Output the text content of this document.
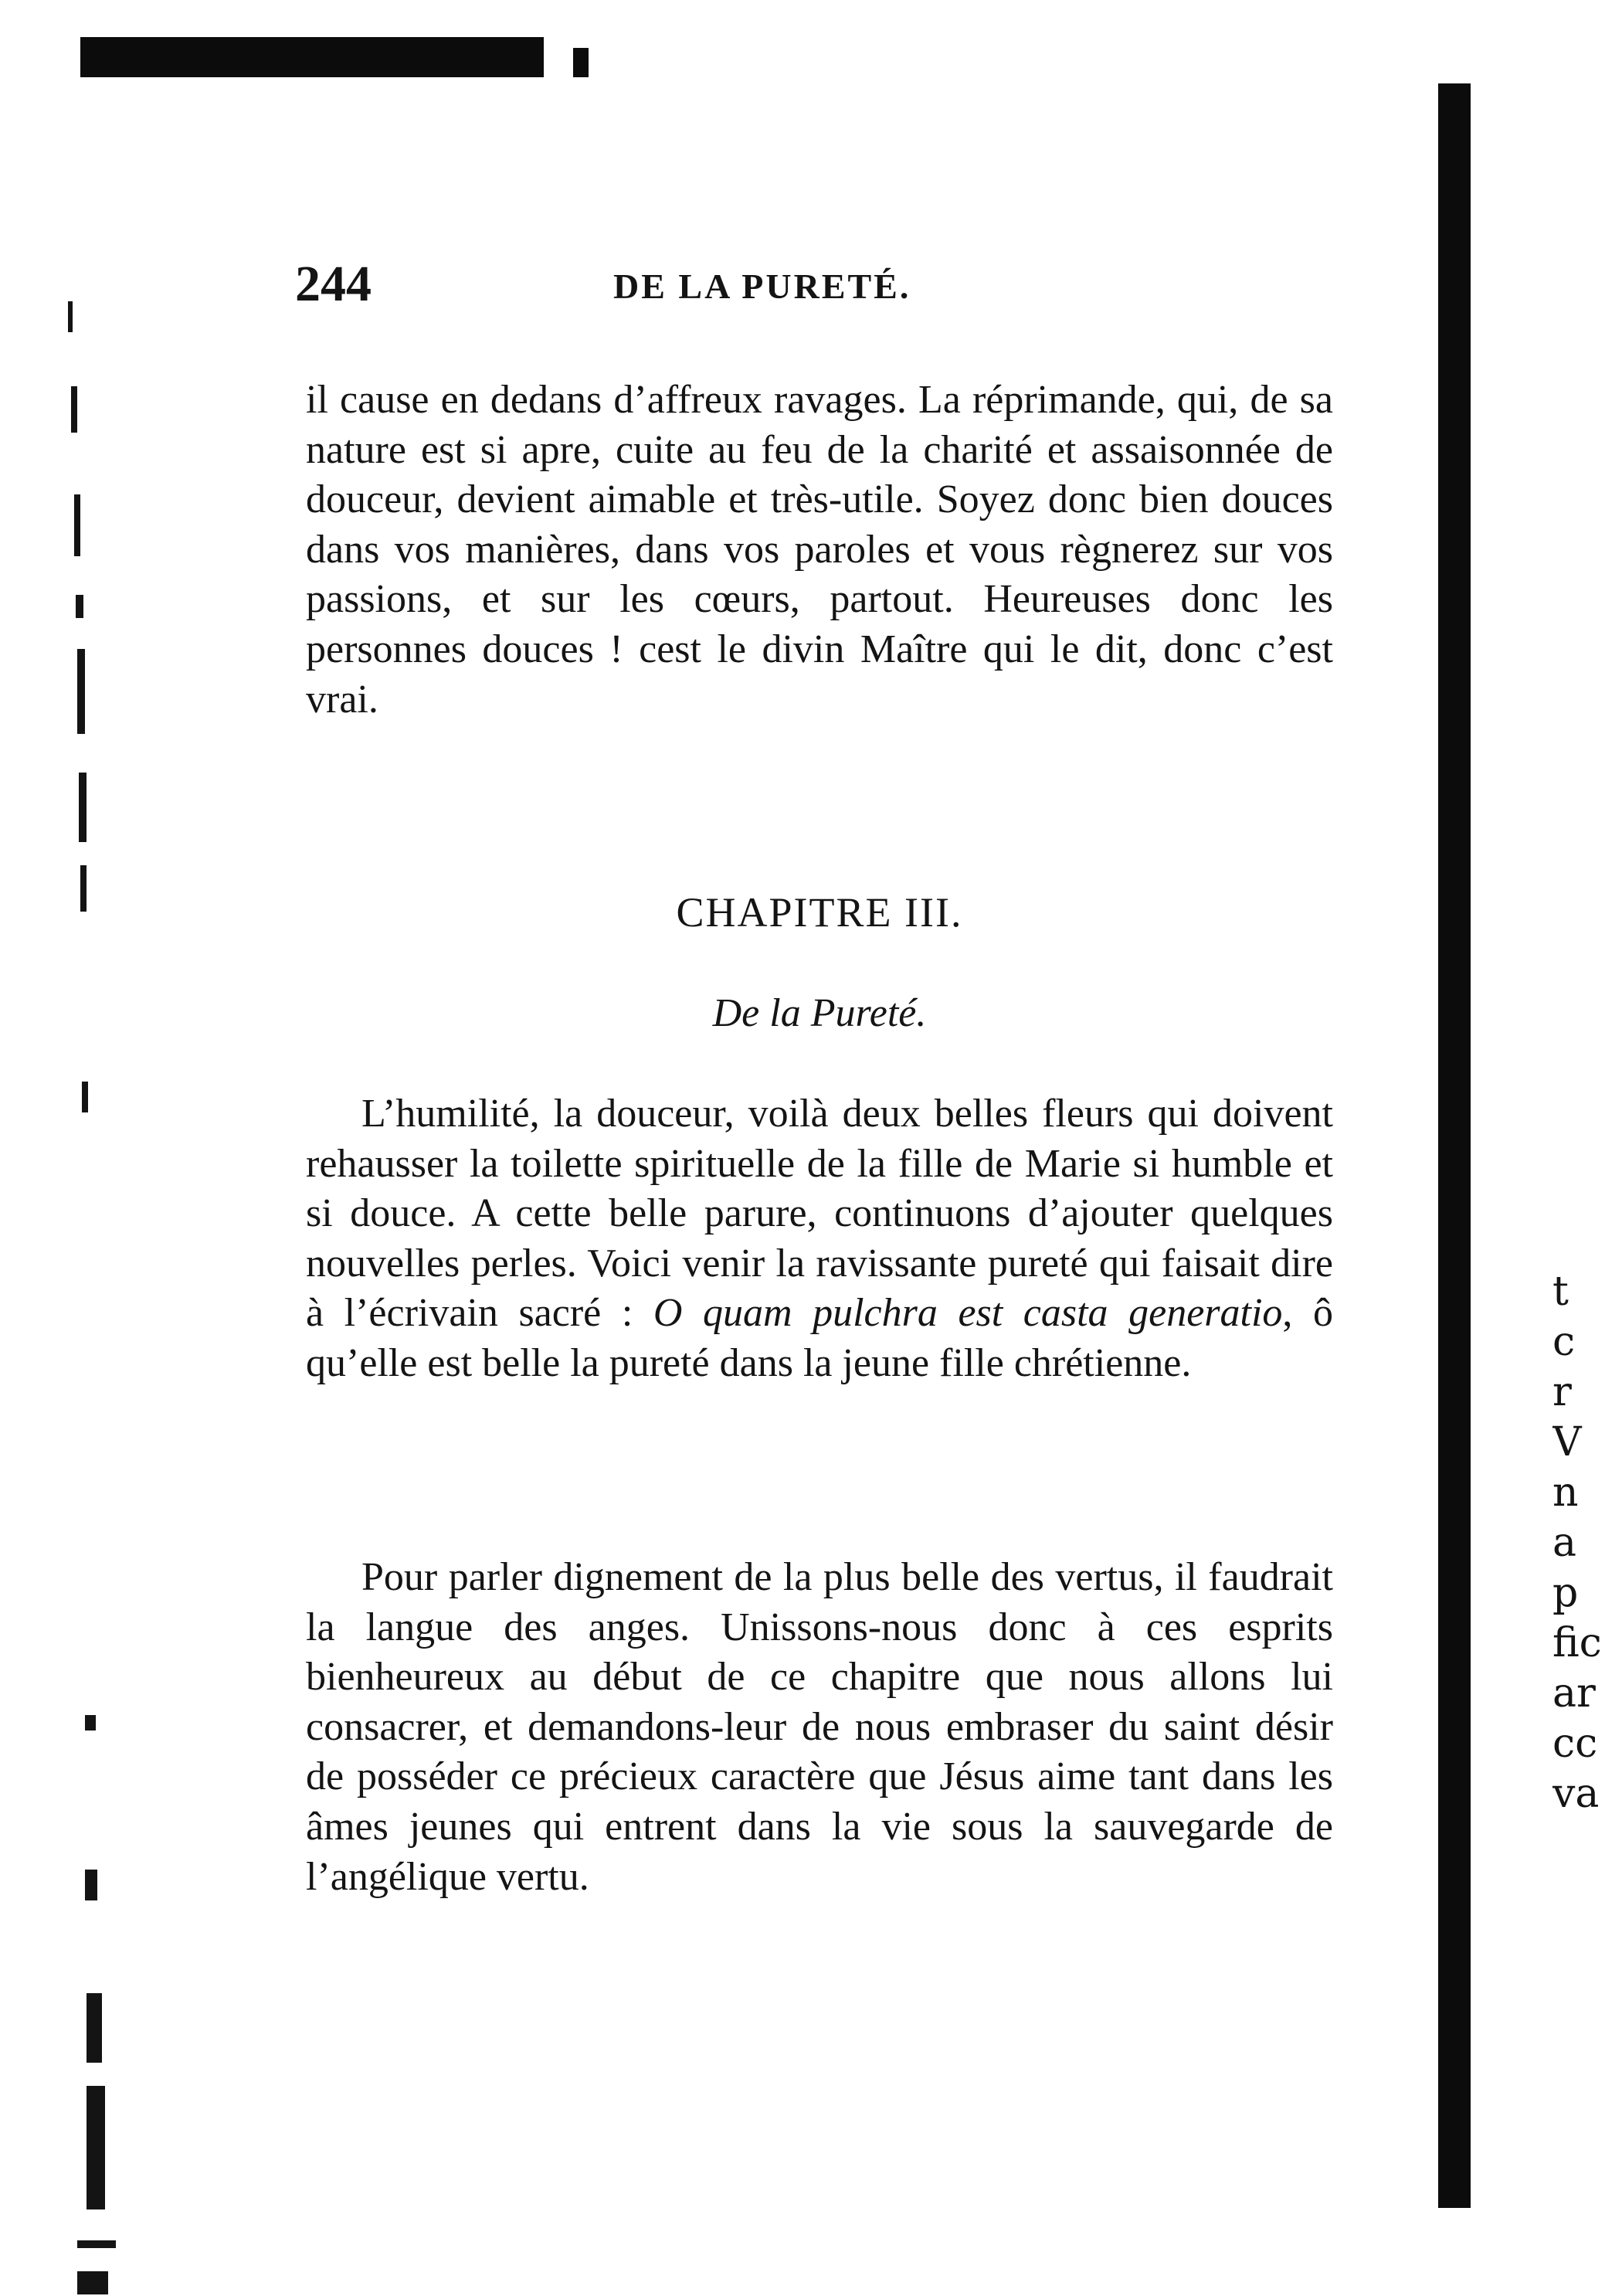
t
c
r
V
n
a
p
fic
ar
cc
va
244	DE LA PURETÉ.

il cause en dedans d’affreux ravages. La réprimande, qui, de sa nature est si apre, cuite au feu de la charité et assaisonnée de douceur, devient aimable et très-utile. Soyez donc bien douces dans vos manières, dans vos paroles et vous règnerez sur vos passions, et sur les cœurs, partout. Heureuses donc les personnes douces ! cest le divin Maître qui le dit, donc c’est vrai.

CHAPITRE III.
De la Pureté.
L’humilité, la douceur, voilà deux belles fleurs qui doivent rehausser la toilette spirituelle de la fille de Marie si humble et si douce. A cette belle parure, continuons d’ajouter quelques nouvelles perles. Voici venir la ravissante pureté qui faisait dire à l’écrivain sacré : O quam pulchra est casta generatio, ô qu’elle est belle la pureté dans la jeune fille chrétienne.

Pour parler dignement de la plus belle des vertus, il faudrait la langue des anges. Unissons-nous donc à ces esprits bienheureux au début de ce chapitre que nous allons lui consacrer, et demandons-leur de nous embraser du saint désir de posséder ce précieux caractère que Jésus aime tant dans les âmes jeunes qui entrent dans la vie sous la sauvegarde de l’angélique vertu.
